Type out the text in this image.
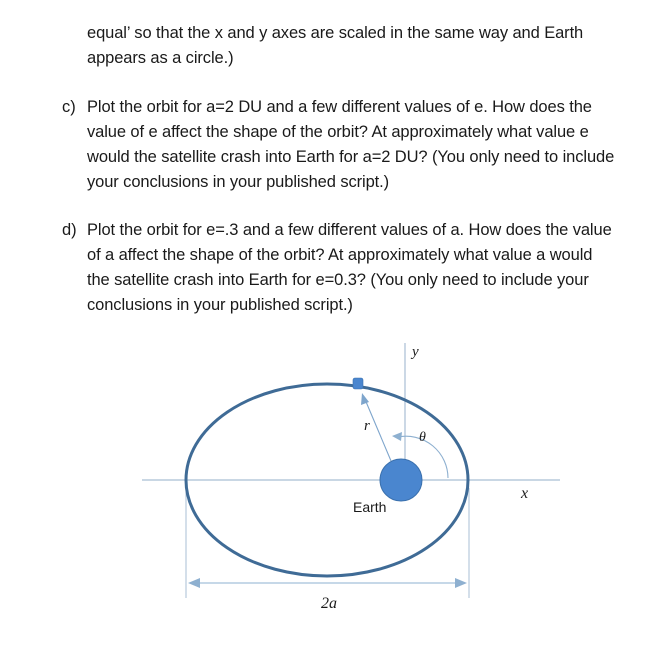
equal’ so that the x and y axes are scaled in the same way and Earth
appears as a circle.)
c) Plot the orbit for a=2 DU and a few different values of e. How does the
value of e affect the shape of the orbit? At approximately what value e
would the satellite crash into Earth for a=2 DU? (You only need to include
your conclusions in your published script.)
d) Plot the orbit for e=.3 and a few different values of a. How does the value
of a affect the shape of the orbit? At approximately what value a would
the satellite crash into Earth for e=0.3? (You only need to include your
conclusions in your published script.)
y
x
r
θ
Earth
2a
